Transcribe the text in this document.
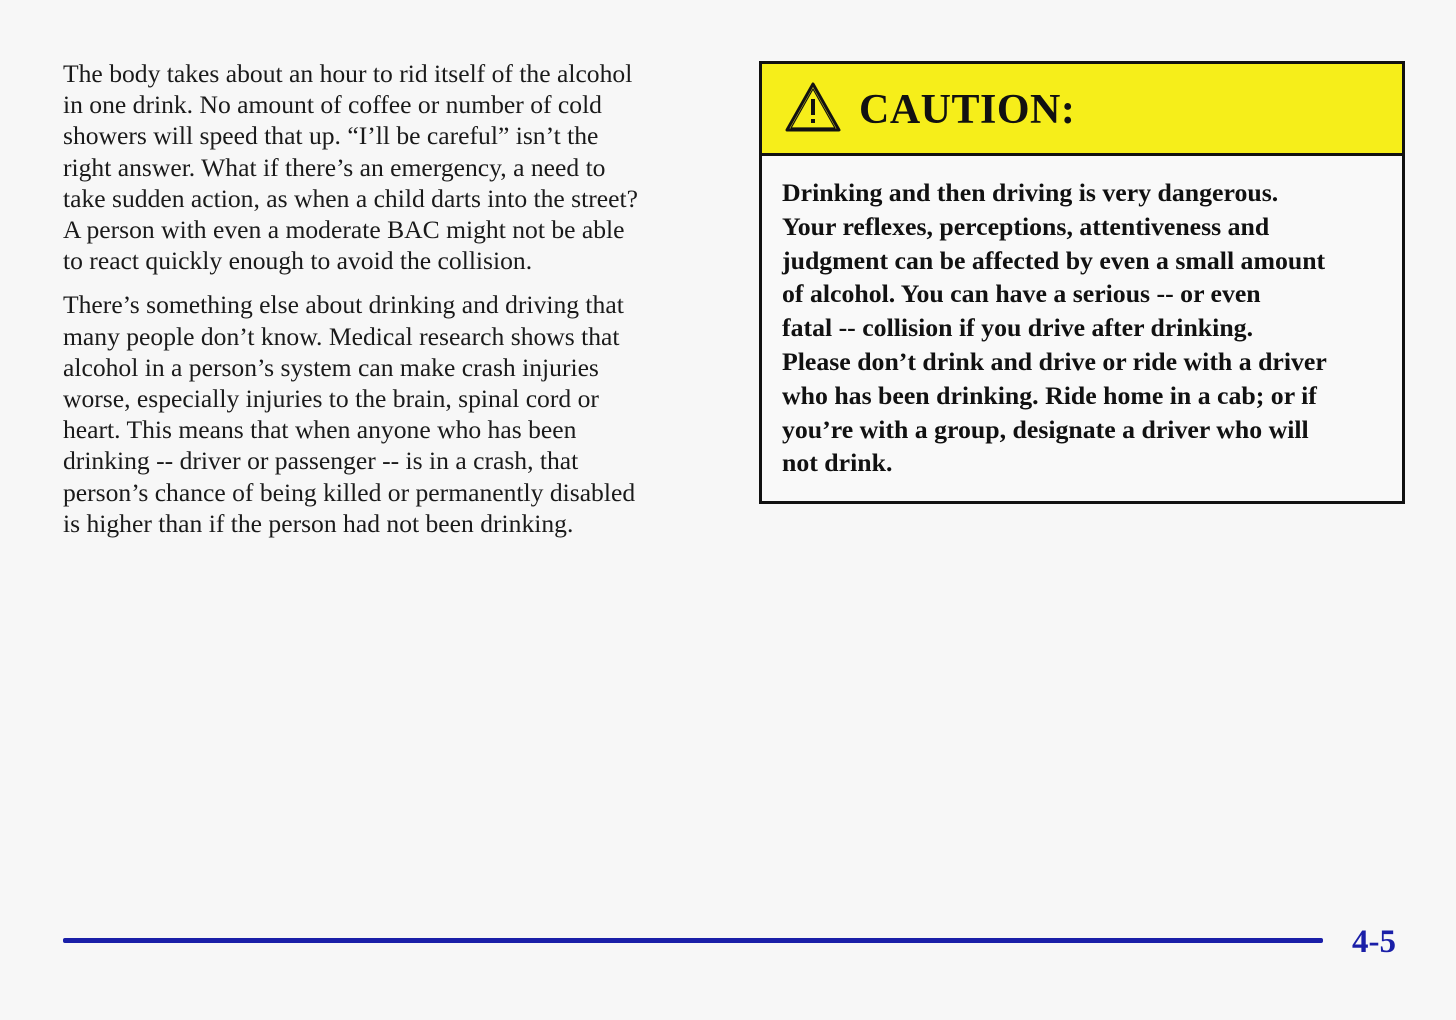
The body takes about an hour to rid itself of the alcohol
in one drink. No amount of coffee or number of cold
showers will speed that up. “I’ll be careful” isn’t the
right answer. What if there’s an emergency, a need to
take sudden action, as when a child darts into the street?
A person with even a moderate BAC might not be able
to react quickly enough to avoid the collision.

There’s something else about drinking and driving that
many people don’t know. Medical research shows that
alcohol in a person’s system can make crash injuries
worse, especially injuries to the brain, spinal cord or
heart. This means that when anyone who has been
drinking -- driver or passenger -- is in a crash, that
person’s chance of being killed or permanently disabled
is higher than if the person had not been drinking.

CAUTION:

Drinking and then driving is very dangerous.
Your reflexes, perceptions, attentiveness and
judgment can be affected by even a small amount
of alcohol. You can have a serious -- or even
fatal -- collision if you drive after drinking.
Please don’t drink and drive or ride with a driver
who has been drinking. Ride home in a cab; or if
you’re with a group, designate a driver who will
not drink.

4-5
